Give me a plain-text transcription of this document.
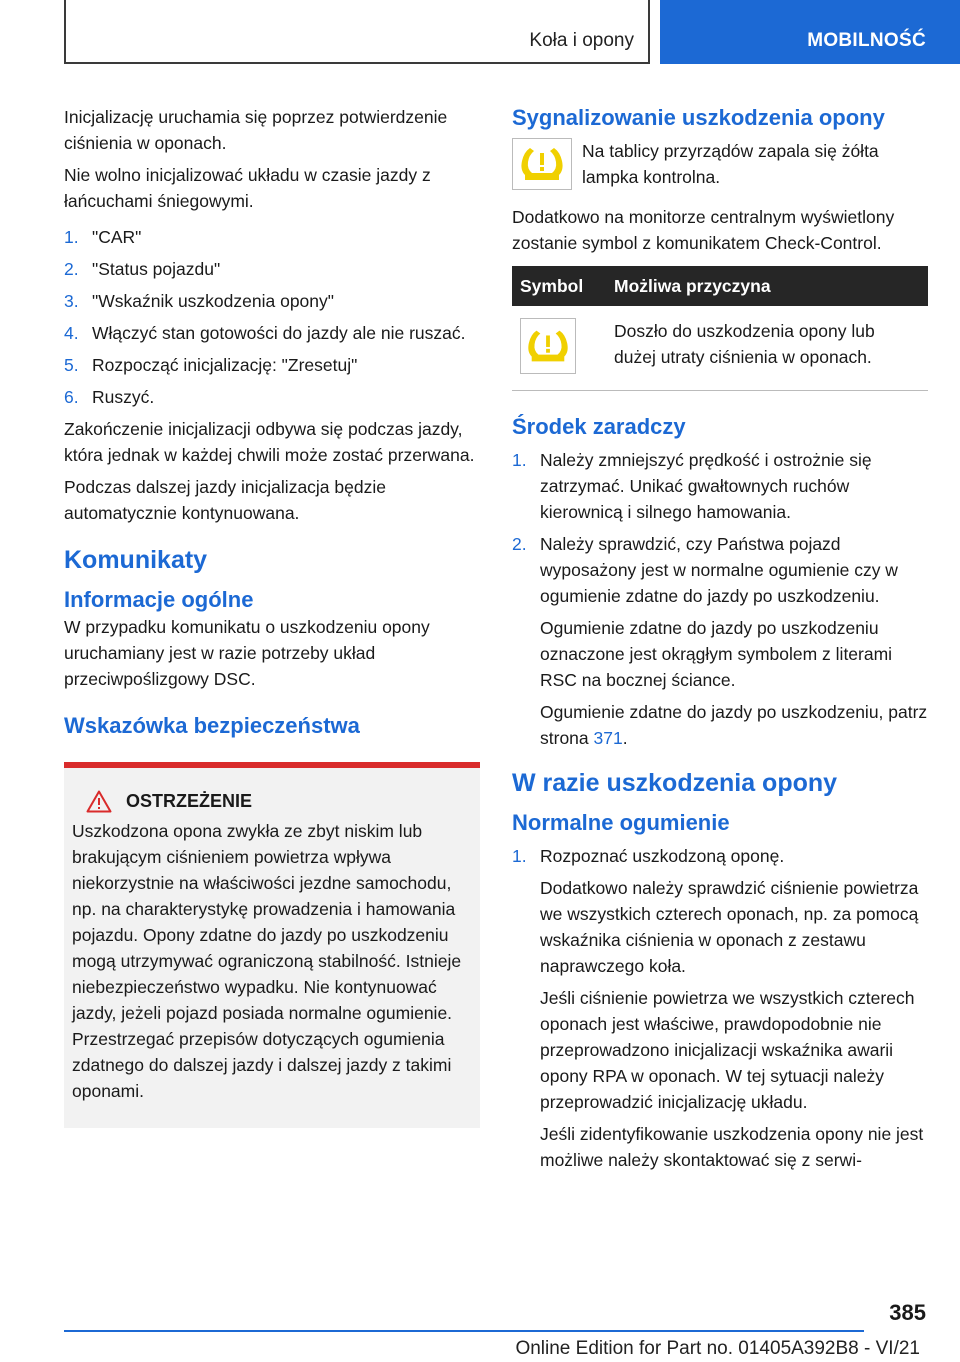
Koła i opony	MOBILNOŚĆ

Inicjalizację uruchamia się poprzez potwierdzenie ciśnienia w oponach.

Nie wolno inicjalizować układu w czasie jazdy z łańcuchami śniegowymi.

1. "CAR"
2. "Status pojazdu"
3. "Wskaźnik uszkodzenia opony"
4. Włączyć stan gotowości do jazdy ale nie ruszać.
5. Rozpocząć inicjalizację: "Zresetuj"
6. Ruszyć.

Zakończenie inicjalizacji odbywa się podczas jazdy, która jednak w każdej chwili może zostać przerwana.

Podczas dalszej jazdy inicjalizacja będzie automatycznie kontynuowana.

Komunikaty
Informacje ogólne

W przypadku komunikatu o uszkodzeniu opony uruchamiany jest w razie potrzeby układ przeciwpoślizgowy DSC.

Wskazówka bezpieczeństwa
OSTRZEŻENIE
Uszkodzona opona zwykła ze zbyt niskim lub brakującym ciśnieniem powietrza wpływa niekorzystnie na właściwości jezdne samochodu, np. na charakterystykę prowadzenia i hamowania pojazdu. Opony zdatne do jazdy po uszkodzeniu mogą utrzymywać ograniczoną stabilność. Istnieje niebezpieczeństwo wypadku. Nie kontynuować jazdy, jeżeli pojazd posiada normalne ogumienie. Przestrzegać przepisów dotyczących ogumienia zdatnego do dalszej jazdy i dalszej jazdy z takimi oponami.
Sygnalizowanie uszkodzenia opony
Na tablicy przyrządów zapala się żółta lampka kontrolna.

Dodatkowo na monitorze centralnym wyświetlony zostanie symbol z komunikatem Check-Control.

Symbol	Możliwa przyczyna

	Doszło do uszkodzenia opony lub dużej utraty ciśnienia w oponach.
Środek zaradczy
1. Należy zmniejszyć prędkość i ostrożnie się zatrzymać. Unikać gwałtownych ruchów kierownicą i silnego hamowania.
2. Należy sprawdzić, czy Państwa pojazd wyposażony jest w normalne ogumienie czy w ogumienie zdatne do jazdy po uszkodzeniu.

Ogumienie zdatne do jazdy po uszkodzeniu oznaczone jest okrągłym symbolem z literami RSC na bocznej ściance.

Ogumienie zdatne do jazdy po uszkodzeniu, patrz strona 371.

W razie uszkodzenia opony
Normalne ogumienie
1. Rozpoznać uszkodzoną oponę.

Dodatkowo należy sprawdzić ciśnienie powietrza we wszystkich czterech oponach, np. za pomocą wskaźnika ciśnienia w oponach z zestawu naprawczego koła.

Jeśli ciśnienie powietrza we wszystkich czterech oponach jest właściwe, prawdopodobnie nie przeprowadzono inicjalizacji wskaźnika awarii opony RPA w oponach. W tej sytuacji należy przeprowadzić inicjalizację układu.

Jeśli zidentyfikowanie uszkodzenia opony nie jest możliwe należy skontaktować się z serwi-

385
Online Edition for Part no. 01405A392B8 - VI/21
